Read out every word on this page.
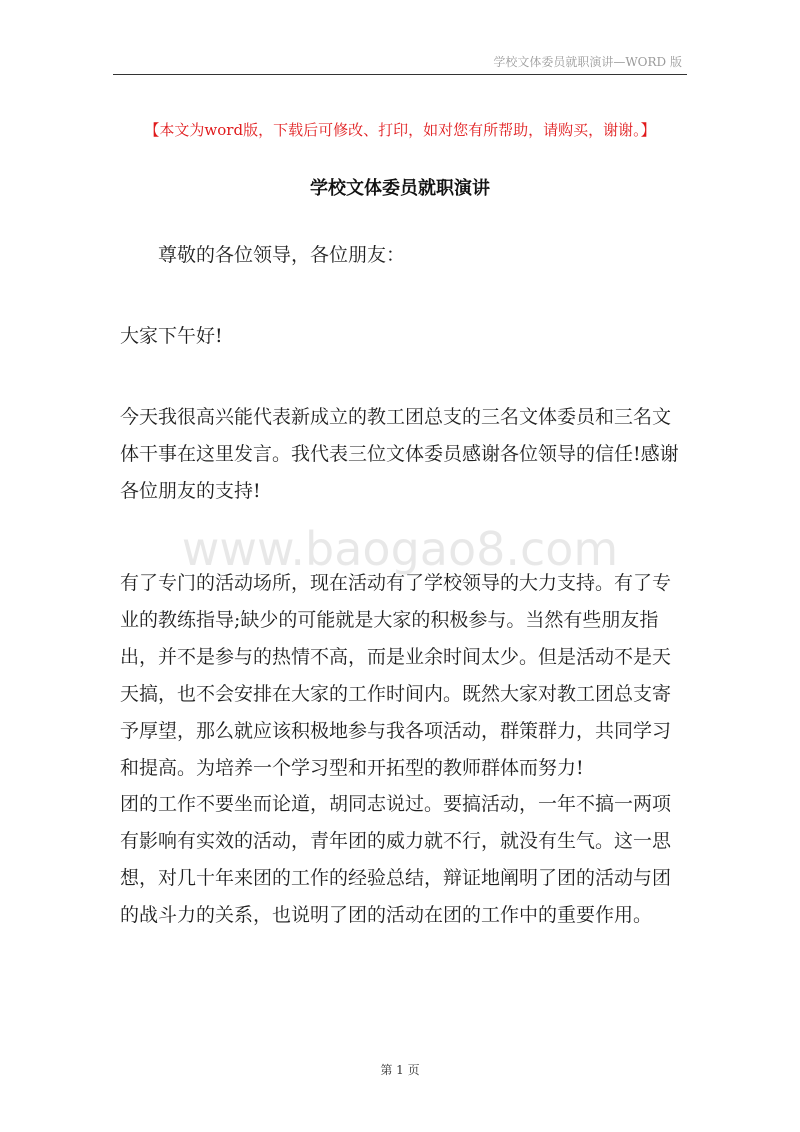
学校文体委员就职演讲—WORD 版
【本文为word版，下载后可修改、打印，如对您有所帮助，请购买，谢谢。】
学校文体委员就职演讲

尊敬的各位领导，各位朋友：

大家下午好!

今天我很高兴能代表新成立的教工团总支的三名文体委员和三名文体干事在这里发言。我代表三位文体委员感谢各位领导的信任!感谢各位朋友的支持!

有了专门的活动场所，现在活动有了学校领导的大力支持。有了专业的教练指导;缺少的可能就是大家的积极参与。当然有些朋友指出，并不是参与的热情不高，而是业余时间太少。但是活动不是天天搞，也不会安排在大家的工作时间内。既然大家对教工团总支寄予厚望，那么就应该积极地参与我各项活动，群策群力，共同学习和提高。为培养一个学习型和开拓型的教师群体而努力!

团的工作不要坐而论道，胡同志说过。要搞活动，一年不搞一两项有影响有实效的活动，青年团的威力就不行，就没有生气。这一思想，对几十年来团的工作的经验总结，辩证地阐明了团的活动与团的战斗力的关系，也说明了团的活动在团的工作中的重要作用。

www.baogao8.com
第 1 页
